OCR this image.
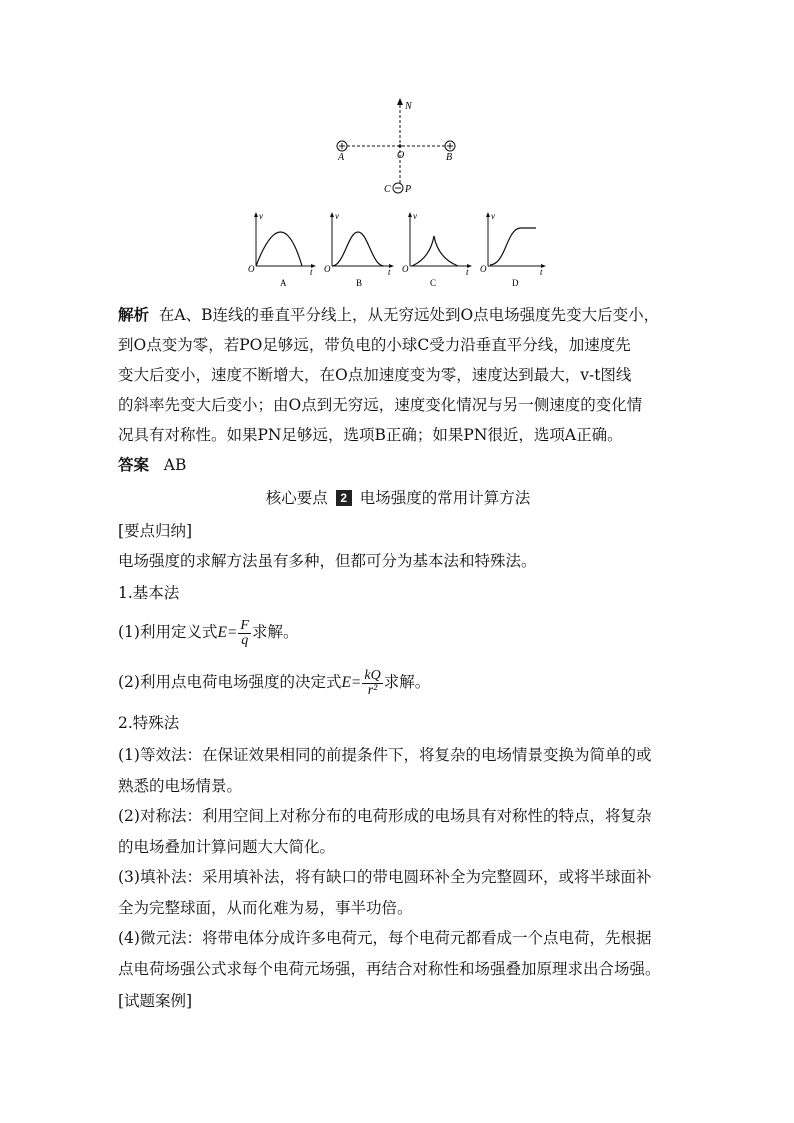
N
O
A	B
C P
v
t
O
A
v
t
O
B
v
t
O
C
v
t
O
D
解析 在A、B连线的垂直平分线上，从无穷远处到O点电场强度先变大后变小，
到O点变为零，若PO足够远，带负电的小球C受力沿垂直平分线，加速度先
变大后变小，速度不断增大，在O点加速度变为零，速度达到最大，v-t图线
的斜率先变大后变小；由O点到无穷远，速度变化情况与另一侧速度的变化情
况具有对称性。如果PN足够远，选项B正确；如果PN很近，选项A正确。
答案 AB
核心要点 2 电场强度的常用计算方法
[要点归纳]
电场强度的求解方法虽有多种，但都可分为基本法和特殊法。
1.基本法
(1)利用定义式$E= \frac{F}{q}$ 求解。
(2)利用点电荷电场强度的决定式$E= \frac{kQ}{\text{r²}}$ 求解。
2.特殊法
(1)等效法：在保证效果相同的前提条件下，将复杂的电场情景变换为简单的或
熟悉的电场情景。
(2)对称法：利用空间上对称分布的电荷形成的电场具有对称性的特点，将复杂
的电场叠加计算问题大大简化。
(3)填补法：采用填补法，将有缺口的带电圆环补全为完整圆环，或将半球面补
全为完整球面，从而化难为易，事半功倍。
(4)微元法：将带电体分成许多电荷元，每个电荷元都看成一个点电荷，先根据
点电荷场强公式求每个电荷元场强，再结合对称性和场强叠加原理求出合场强。
[试题案例]
